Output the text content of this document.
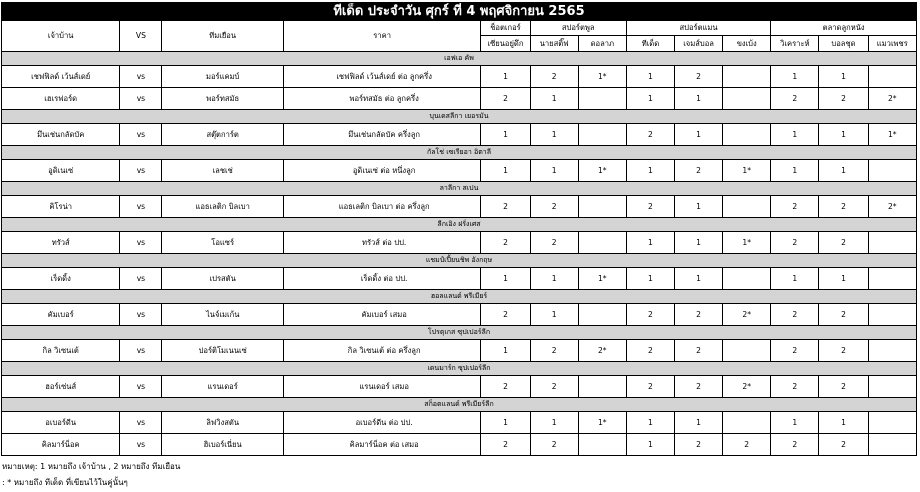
ทีเด็ด ประจำวัน ศุกร์ ที่ 4 พฤศจิกายน 2565												
เจ้าบ้าน	VS	ทีมเยือน	ราคา	ช็อตเกอร์	สปอร์ตพูล		สปอร์ตแมน			ตลาดลูกหนัง		
				เซียนอยู่ดึก	นายสติ๊ฟ	ดอลาภ	ทีเด็ด	เจมส์บอล	ขงเบ้ง	วิเคราะห์	บอลชุด	แมวเพชร
เอฟเอ คัพ												
เชฟฟิลด์ เว้นส์เดย์	vs	มอร์แคมบ์	เชฟฟิลด์ เว้นส์เดย์ ต่อ ลูกครึ่ง	1	2	1*	1	2		1	1	
เฮเรฟอร์ด	vs	พอร์ทสมัธ	พอร์ทสมัธ ต่อ ลูกครึ่ง	2	1		1	1		2	2	2*
บุนเดสลีกา เยอรมัน												
มึนเช่นกลัดบัค	vs	สตุ๊ตการ์ต	มึนเช่นกลัดบัค ครึ่งลูก	1	1		2	1		1	1	1*
กัลโช่ เซเรียอา อิตาลี												
อูดิเนเซ่	vs	เลชเช่	อูดิเนเซ่ ต่อ หนึ่งลูก	1	1	1*	1	2	1*	1	1	
ลาลีกา สเปน												
คิโรน่า	vs	แอธเลติก บิลเบา	แอธเลติก บิลเบา ต่อ ครึ่งลูก	2	2		2	1		2	2	2*
ลีกเอิง ฝรั่งเศส												
ทรัวส์	vs	โอแซร์	ทรัวส์ ต่อ ปป.	2	2		1	1	1*	2	2	
แชมป์เปี้ยนชิพ อังกฤษ												
เร็ดดิ้ง	vs	เปรสตัน	เร็ดดิ้ง ต่อ ปป.	1	1	1*	1	1		1	1	
ฮอลแลนด์ พรีเมียร์												
คัมเบอร์	vs	ไนจ์เมเก้น	คัมเบอร์ เสมอ	2	1		2	2	2*	2	2	
โปรตุเกส ซุปเปอร์ลีก												
กิล วิเซนเต้	vs	ปอร์ติโมเนนเซ่	กิล วิเซนเต้ ต่อ ครึ่งลูก	1	2	2*	2	2		2	2	
เดนมาร์ก ซุปเปอร์ลีก												
ฮอร์เซ่นส์	vs	แรนเดอร์	แรนเดอร์ เสมอ	2	2		2	2	2*	2	2	
สก็อตแลนด์ พรีเมียร์ลีก												
อเบอร์ดีน	vs	ลิฟวิงสตัน	อเบอร์ดีน ต่อ ปป.	1	1	1*	1	1		1	1	
คิลมาร์น็อค	vs	ฮิเบอร์เนี่ยน	คิลมาร์น็อค ต่อ เสมอ	2	2		1	2	2	2	2	
หมายเหตุ: 1 หมายถึง เจ้าบ้าน , 2 หมายถึง ทีมเยือน
: * หมายถึง ทีเด็ด ที่เขียนไว้ในคู่นั้นๆ
